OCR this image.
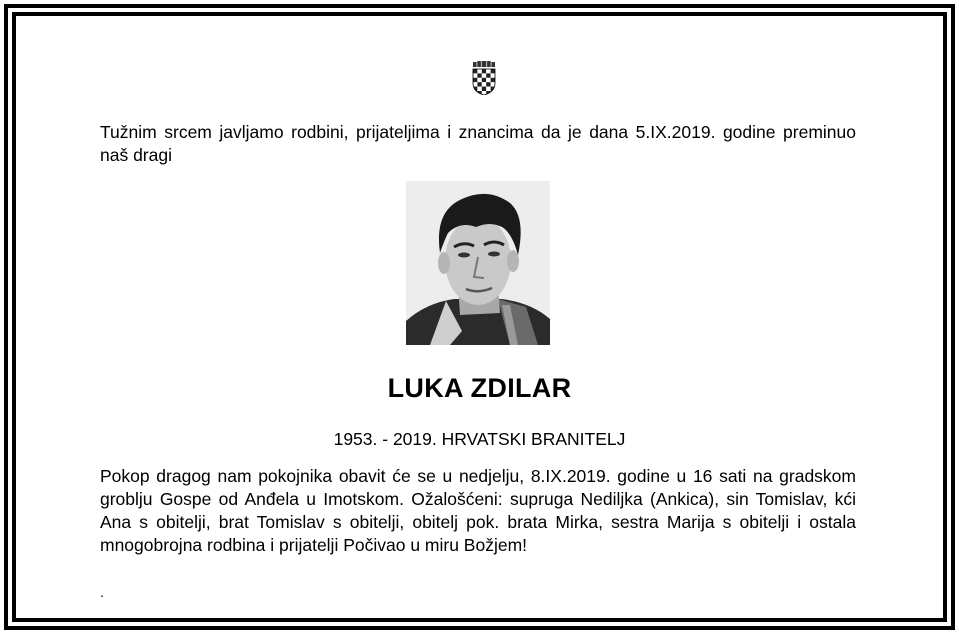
Tužnim srcem javljamo rodbini, prijateljima i znancima da je dana 5.IX.2019. godine preminuo naš dragi
LUKA ZDILAR
1953. - 2019. HRVATSKI BRANITELJ
Pokop dragog nam pokojnika obavit će se u nedjelju, 8.IX.2019. godine u 16 sati na gradskom groblju Gospe od Anđela u Imotskom. Ožalošćeni: supruga Nediljka (Ankica), sin Tomislav, kći Ana s obitelji, brat Tomislav s obitelji, obitelj pok. brata Mirka, sestra Marija s obitelji i ostala mnogobrojna rodbina i prijatelji Počivao u miru Božjem!
.
